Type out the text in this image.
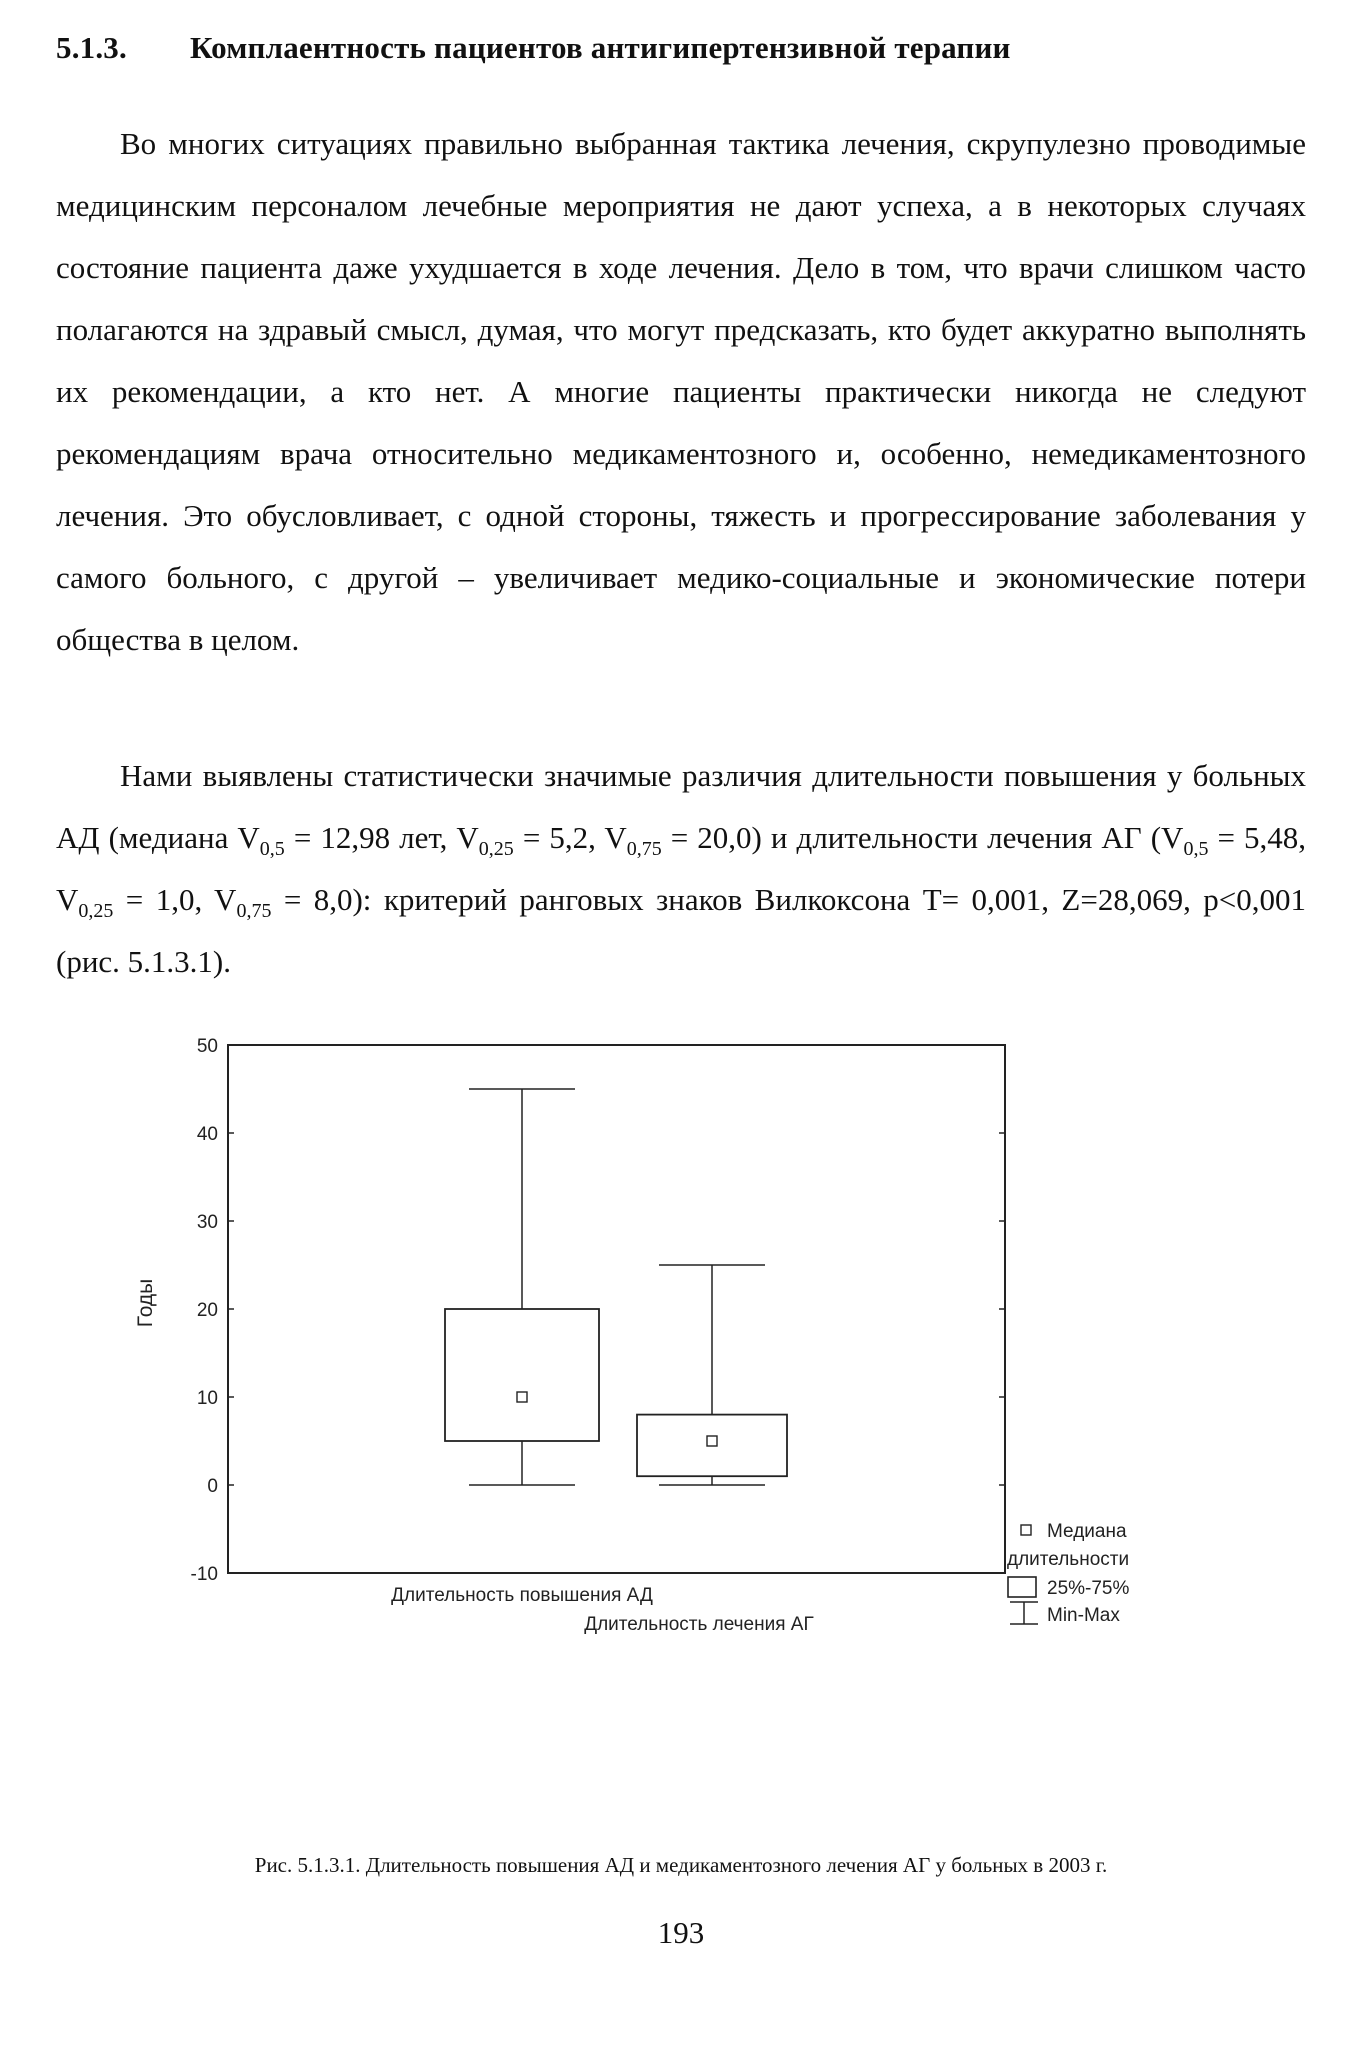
5.1.3. Комплаентность пациентов антигипертензивной терапии

Во многих ситуациях правильно выбранная тактика лечения, скрупулезно проводимые медицинским персоналом лечебные мероприятия не дают успеха, а в некоторых случаях состояние пациента даже ухудшается в ходе лечения. Дело в том, что врачи слишком часто полагаются на здравый смысл, думая, что могут предсказать, кто будет аккуратно выполнять их рекомендации, а кто нет. А многие пациенты практически никогда не следуют рекомендациям врача относительно медикаментозного и, особенно, немедикаментозного лечения. Это обусловливает, с одной стороны, тяжесть и прогрессирование заболевания у самого больного, с другой – увеличивает медико-социальные и экономические потери общества в целом.

Нами выявлены статистически значимые различия длительности повышения у больных АД (медиана $V_{0,5} = 12,98$ лет, $V_{0,25} = 5,2$, $V_{0,75} = 20,0$) и длительности лечения АГ ($V_{0,5} = 5,48$, $V_{0,25} = 1,0$, $V_{0,75} = 8,0$): критерий ранговых знаков Вилкоксона T= 0,001, Z=28,069, p<0,001 (рис. 5.1.3.1).

Годы
50
40
30
20
10
0
-10
Длительность повышения АД
Длительность лечения АГ
Медиана
длительности
25%-75%
Min-Max
Рис. 5.1.3.1. Длительность повышения АД и медикаментозного лечения АГ у больных в 2003 г.
193
